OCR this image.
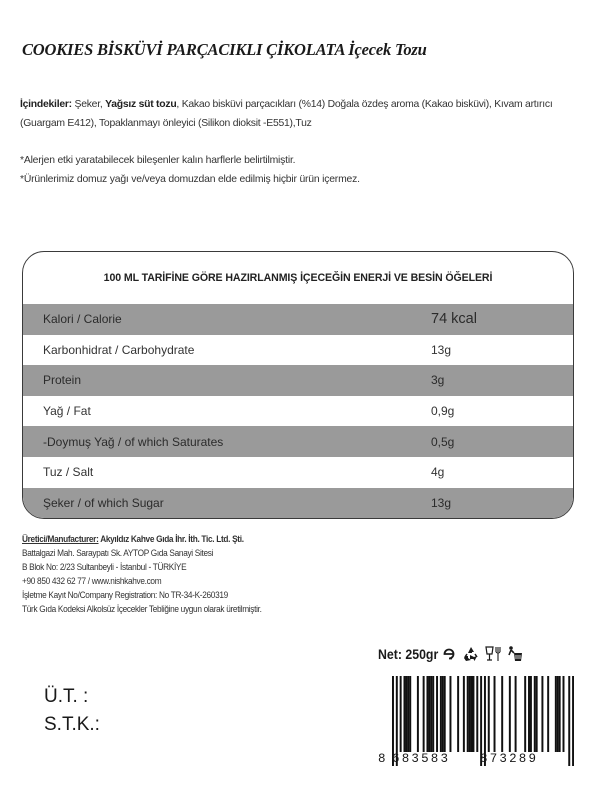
COOKIES BİSKÜVİ PARÇACIKLI ÇİKOLATA İçecek Tozu
İçindekiler: Şeker, Yağsız süt tozu, Kakao bisküvi parçacıkları (%14) Doğala özdeş aroma (Kakao bisküvi), Kıvam artırıcı (Guargam E412), Topaklanmayı önleyici (Silikon dioksit -E551),Tuz
*Alerjen etki yaratabilecek bileşenler kalın harflerle belirtilmiştir.
*Ürünlerimiz domuz yağı ve/veya domuzdan elde edilmiş hiçbir ürün içermez.
100 ML TARİFİNE GÖRE HAZIRLANMIŞ İÇECEĞİN ENERJİ VE BESİN ÖĞELERİ
Kalori / Calorie	74 kcal
Karbonhidrat / Carbohydrate	13g
Protein	3g
Yağ / Fat	0,9g
-Doymuş Yağ / of which Saturates	0,5g
Tuz / Salt	4g
Şeker / of which Sugar	13g
Üretici/Manufacturer: Akyıldız Kahve Gıda İhr. İth. Tic. Ltd. Şti.
Battalgazi Mah. Saraypatı Sk. AYTOP Gıda Sanayi Sitesi
B Blok No: 2/23 Sultanbeyli - İstanbul - TÜRKİYE
+90 850 432 62 77 / www.nishkahve.com
İşletme Kayıt No/Company Registration: No TR-34-K-260319
Türk Gıda Kodeksi Alkolsüz İçecekler Tebliğine uygun olarak üretilmiştir.
Net: 250gr
8 683583	873289
Ü.T. :
S.T.K.:
